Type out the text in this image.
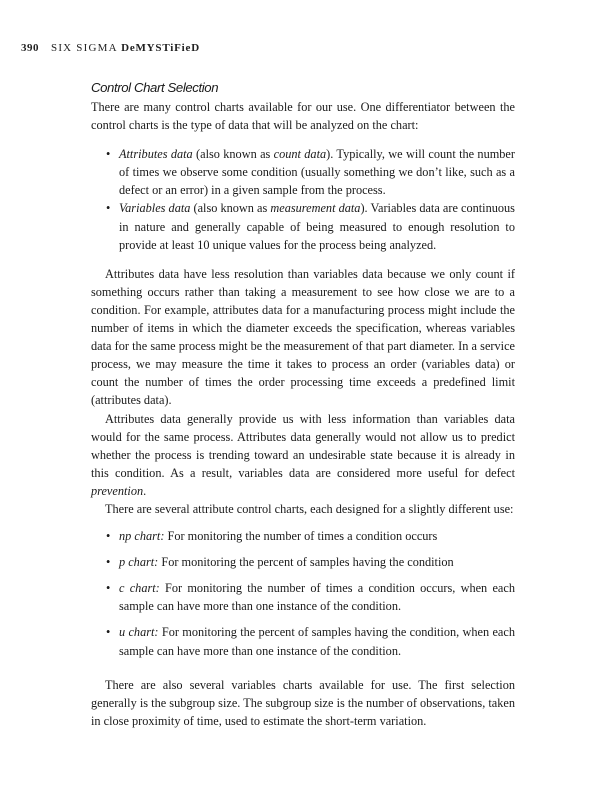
390 SIX SIGMA DeMYSTiFieD
Control Chart Selection

There are many control charts available for our use. One differentiator between the control charts is the type of data that will be analyzed on the chart:

• Attributes data (also known as count data). Typically, we will count the number of times we observe some condition (usually something we don’t like, such as a defect or an error) in a given sample from the process.
• Variables data (also known as measurement data). Variables data are continuous in nature and generally capable of being measured to enough resolution to provide at least 10 unique values for the process being analyzed.

Attributes data have less resolution than variables data because we only count if something occurs rather than taking a measurement to see how close we are to a condition. For example, attributes data for a manufacturing process might include the number of items in which the diameter exceeds the specification, whereas variables data for the same process might be the measurement of that part diameter. In a service process, we may measure the time it takes to process an order (variables data) or count the number of times the order processing time exceeds a predefined limit (attributes data).

Attributes data generally provide us with less information than variables data would for the same process. Attributes data generally would not allow us to predict whether the process is trending toward an undesirable state because it is already in this condition. As a result, variables data are considered more useful for defect prevention.

There are several attribute control charts, each designed for a slightly different use:

• np chart: For monitoring the number of times a condition occurs
• p chart: For monitoring the percent of samples having the condition
• c chart: For monitoring the number of times a condition occurs, when each sample can have more than one instance of the condition.
• u chart: For monitoring the percent of samples having the condition, when each sample can have more than one instance of the condition.

There are also several variables charts available for use. The first selection generally is the subgroup size. The subgroup size is the number of observations, taken in close proximity of time, used to estimate the short-term variation.
